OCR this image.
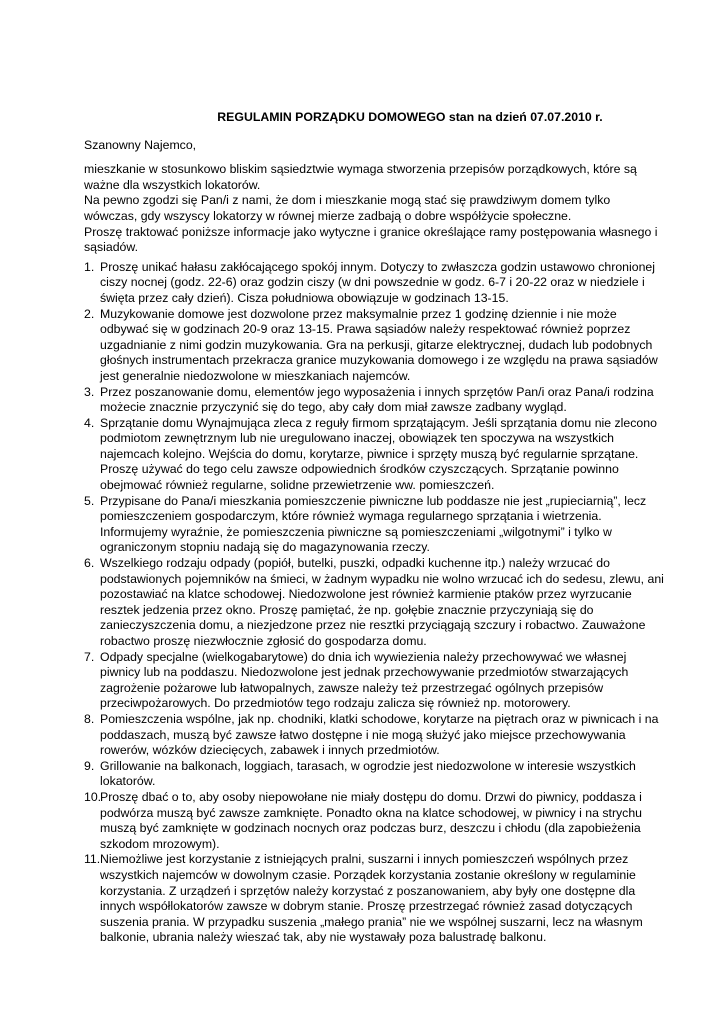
REGULAMIN PORZĄDKU DOMOWEGO stan na dzień 07.07.2010 r.
Szanowny Najemco,

mieszkanie w stosunkowo bliskim sąsiedztwie wymaga stworzenia przepisów porządkowych, które są ważne dla wszystkich lokatorów.

Na pewno zgodzi się Pan/i z nami, że dom i mieszkanie mogą stać się prawdziwym domem tylko wówczas, gdy wszyscy lokatorzy w równej mierze zadbają o dobre współżycie społeczne.

Proszę traktować poniższe informacje jako wytyczne i granice określające ramy postępowania własnego i sąsiadów.

1. Proszę unikać hałasu zakłócającego spokój innym. Dotyczy to zwłaszcza godzin ustawowo chronionej ciszy nocnej (godz. 22-6) oraz godzin ciszy (w dni powszednie w godz. 6-7 i 20-22 oraz w niedziele i święta przez cały dzień). Cisza południowa obowiązuje w godzinach 13-15.
2. Muzykowanie domowe jest dozwolone przez maksymalnie przez 1 godzinę dziennie i nie może odbywać się w godzinach 20-9 oraz 13-15. Prawa sąsiadów należy respektować również poprzez uzgadnianie z nimi godzin muzykowania. Gra na perkusji, gitarze elektrycznej, dudach lub podobnych głośnych instrumentach przekracza granice muzykowania domowego i ze względu na prawa sąsiadów jest generalnie niedozwolone w mieszkaniach najemców.
3. Przez poszanowanie domu, elementów jego wyposażenia i innych sprzętów Pan/i oraz Pana/i rodzina możecie znacznie przyczynić się do tego, aby cały dom miał zawsze zadbany wygląd.
4. Sprzątanie domu Wynajmująca zleca z reguły firmom sprzątającym. Jeśli sprzątania domu nie zlecono podmiotom zewnętrznym lub nie uregulowano inaczej, obowiązek ten spoczywa na wszystkich najemcach kolejno. Wejścia do domu, korytarze, piwnice i sprzęty muszą być regularnie sprzątane. Proszę używać do tego celu zawsze odpowiednich środków czyszczących. Sprzątanie powinno obejmować również regularne, solidne przewietrzenie ww. pomieszczeń.
5. Przypisane do Pana/i mieszkania pomieszczenie piwniczne lub poddasze nie jest „rupieciarnią”, lecz pomieszczeniem gospodarczym, które również wymaga regularnego sprzątania i wietrzenia. Informujemy wyraźnie, że pomieszczenia piwniczne są pomieszczeniami „wilgotnymi” i tylko w ograniczonym stopniu nadają się do magazynowania rzeczy.
6. Wszelkiego rodzaju odpady (popiół, butelki, puszki, odpadki kuchenne itp.) należy wrzucać do podstawionych pojemników na śmieci, w żadnym wypadku nie wolno wrzucać ich do sedesu, zlewu, ani pozostawiać na klatce schodowej. Niedozwolone jest również karmienie ptaków przez wyrzucanie resztek jedzenia przez okno. Proszę pamiętać, że np. gołębie znacznie przyczyniają się do zanieczyszczenia domu, a niezjedzone przez nie resztki przyciągają szczury i robactwo. Zauważone robactwo proszę niezwłocznie zgłosić do gospodarza domu.
7. Odpady specjalne (wielkogabarytowe) do dnia ich wywiezienia należy przechowywać we własnej piwnicy lub na poddaszu. Niedozwolone jest jednak przechowywanie przedmiotów stwarzających zagrożenie pożarowe lub łatwopalnych, zawsze należy też przestrzegać ogólnych przepisów przeciwpożarowych. Do przedmiotów tego rodzaju zalicza się również np. motorowery.
8. Pomieszczenia wspólne, jak np. chodniki, klatki schodowe, korytarze na piętrach oraz w piwnicach i na poddaszach, muszą być zawsze łatwo dostępne i nie mogą służyć jako miejsce przechowywania rowerów, wózków dziecięcych, zabawek i innych przedmiotów.
9. Grillowanie na balkonach, loggiach, tarasach, w ogrodzie jest niedozwolone w interesie wszystkich lokatorów.
10.
Proszę dbać o to, aby osoby niepowołane nie miały dostępu do domu. Drzwi do piwnicy, poddasza i podwórza muszą być zawsze zamknięte. Ponadto okna na klatce schodowej, w piwnicy i na strychu muszą być zamknięte w godzinach nocnych oraz podczas burz, deszczu i chłodu (dla zapobieżenia szkodom mrozowym).
11. Niemożliwe jest korzystanie z istniejących pralni, suszarni i innych pomieszczeń wspólnych przez wszystkich najemców w dowolnym czasie. Porządek korzystania zostanie określony w regulaminie korzystania. Z urządzeń i sprzętów należy korzystać z poszanowaniem, aby były one dostępne dla innych współlokatorów zawsze w dobrym stanie. Proszę przestrzegać również zasad dotyczących suszenia prania. W przypadku suszenia „małego prania” nie we wspólnej suszarni, lecz na własnym balkonie, ubrania należy wieszać tak, aby nie wystawały poza balustradę balkonu.
